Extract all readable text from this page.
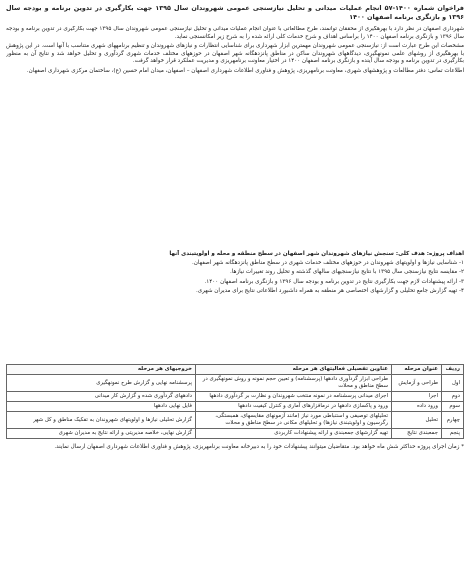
فراخوان شماره ۱۴۰۰-۵۷ انجام عملیات میدانی و تحلیل نیازسنجی عمومی شهروندان سال ۱۳۹۵ جهت بکارگیری در تدوین برنامه و بودجه سال ۱۳۹۶ و بازنگری برنامه اصفهان ۱۴۰۰

شهرداری اصفهان در نظر دارد با بهرهگیری از محققان توانمند، طرح مطالعاتی با عنوان انجام عملیات میدانی و تحلیل نیازسنجی عمومی شهروندان سال ۱۳۹۵ جهت بکارگیری در تدوین برنامه و بودجه سال ۱۳۹۶ و بازنگری برنامه اصفهان ۱۴۰۰ را براساس اهداف و شرح خدمات کلی ارائه شده را به شرح زیر امکانسنجی نماید.

مشخصات این طرح عبارت است از: نیازسنجی عمومی شهروندان مهمترین ابزار شهرداری برای شناسایی انتظارات و نیازهای شهروندان و تنظیم برنامههای شهری متناسب با آنها است. در این پژوهش با بهرهگیری از روشهای علمی نمونهگیری، دیدگاههای شهروندان ساکن در مناطق پانزدهگانه شهر اصفهان در حوزههای مختلف خدمات شهری گردآوری و تحلیل خواهد شد و نتایج آن به منظور بکارگیری در تدوین برنامه و بودجه سال آینده و بازنگری برنامه اصفهان ۱۴۰۰ در اختیار معاونت برنامهریزی و مدیریت عملکرد قرار خواهد گرفت.

اطلاعات تماس: دفتر مطالعات و پژوهشهای شهری، معاونت برنامهریزی، پژوهش و فناوری اطلاعات شهرداری اصفهان – اصفهان، میدان امام حسین (ع)، ساختمان مرکزی شهرداری اصفهان.

اهداف پروژه: هدف کلی: سنجش نیازهای شهروندان شهر اصفهان در سطح منطقه و محله و اولویتبندی آنها

۱- شناسایی نیازها و اولویتهای شهروندان در حوزههای مختلف خدمات شهری در سطح مناطق پانزدهگانه شهر اصفهان.

۲- مقایسه نتایج نیازسنجی سال ۱۳۹۵ با نتایج نیازسنجیهای سالهای گذشته و تحلیل روند تغییرات نیازها.

۳- ارائه پیشنهادات لازم جهت بکارگیری نتایج در تدوین برنامه و بودجه سال ۱۳۹۶ و بازنگری برنامه اصفهان ۱۴۰۰.

۴- تهیه گزارش جامع تحلیلی و گزارشهای اختصاصی هر منطقه به همراه داشبورد اطلاعاتی نتایج برای مدیران شهری.

ردیف	عنوان مرحله	عناوین تفصیلی فعالیتهای هر مرحله	خروجیهای هر مرحله
اول	طراحی و آزمایش	طراحی ابزار گردآوری دادهها (پرسشنامه) و تعیین حجم نمونه و روش نمونهگیری در سطح مناطق و محلات	پرسشنامه نهایی و گزارش طرح نمونهگیری
دوم	اجرا	اجرای میدانی پرسشنامه در نمونه منتخب شهروندان و نظارت بر گردآوری دادهها	دادههای گردآوری شده و گزارش کار میدانی
سوم	ورود داده	ورود و پاکسازی دادهها در نرمافزارهای آماری و کنترل کیفیت دادهها	فایل نهایی دادهها
چهارم	تحلیل	تحلیلهای توصیفی و استنباطی مورد نیاز (مانند آزمونهای مقایسهای، همبستگی، رگرسیون و اولویتبندی نیازها) و تحلیلهای مکانی در سطح مناطق و محلات	گزارش تحلیلی نیازها و اولویتهای شهروندان به تفکیک مناطق و کل شهر
پنجم	جمعبندی نتایج	تهیه گزارشهای جمعبندی و ارائه پیشنهادات کاربردی	گزارش نهایی، خلاصه مدیریتی و ارائه نتایج به مدیران شهری

* زمان اجرای پروژه حداکثر شش ماه خواهد بود. متقاضیان میتوانند پیشنهادات خود را به دبیرخانه معاونت برنامهریزی، پژوهش و فناوری اطلاعات شهرداری اصفهان ارسال نمایند.
